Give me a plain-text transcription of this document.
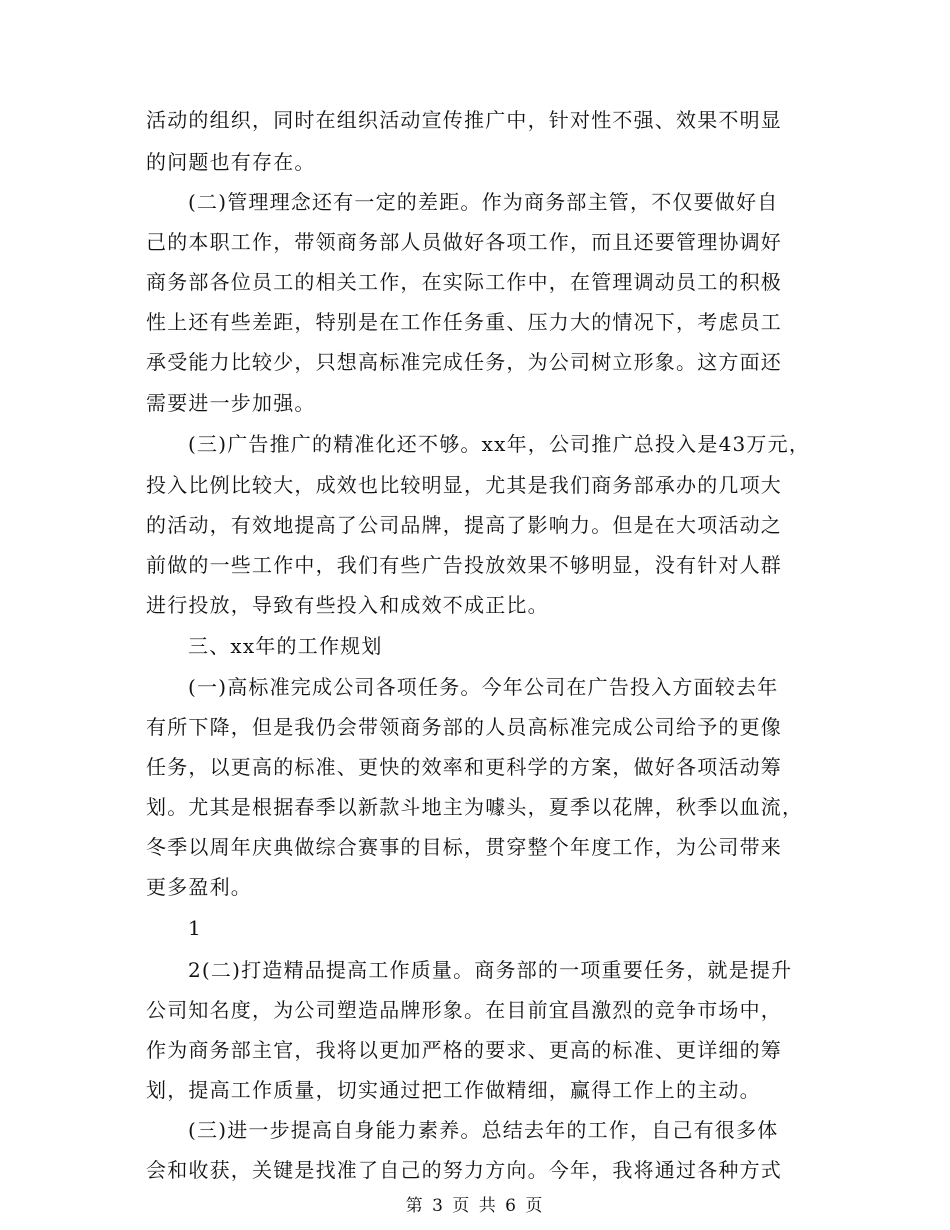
活动的组织，同时在组织活动宣传推广中，针对性不强、效果不明显
的问题也有存在。
(二)管理理念还有一定的差距。作为商务部主管，不仅要做好自
己的本职工作，带领商务部人员做好各项工作，而且还要管理协调好
商务部各位员工的相关工作，在实际工作中，在管理调动员工的积极
性上还有些差距，特别是在工作任务重、压力大的情况下，考虑员工
承受能力比较少，只想高标准完成任务，为公司树立形象。这方面还
需要进一步加强。
(三)广告推广的精准化还不够。xx年，公司推广总投入是43万元，
投入比例比较大，成效也比较明显，尤其是我们商务部承办的几项大
的活动，有效地提高了公司品牌，提高了影响力。但是在大项活动之
前做的一些工作中，我们有些广告投放效果不够明显，没有针对人群
进行投放，导致有些投入和成效不成正比。
三、xx年的工作规划
(一)高标准完成公司各项任务。今年公司在广告投入方面较去年
有所下降，但是我仍会带领商务部的人员高标准完成公司给予的更像
任务，以更高的标准、更快的效率和更科学的方案，做好各项活动筹
划。尤其是根据春季以新款斗地主为噱头，夏季以花牌，秋季以血流，
冬季以周年庆典做综合赛事的目标，贯穿整个年度工作，为公司带来
更多盈利。
1
2(二)打造精品提高工作质量。商务部的一项重要任务，就是提升
公司知名度，为公司塑造品牌形象。在目前宜昌激烈的竞争市场中，
作为商务部主官，我将以更加严格的要求、更高的标准、更详细的筹
划，提高工作质量，切实通过把工作做精细，赢得工作上的主动。
(三)进一步提高自身能力素养。总结去年的工作，自己有很多体
会和收获，关键是找准了自己的努力方向。今年，我将通过各种方式
第 3 页 共 6 页
